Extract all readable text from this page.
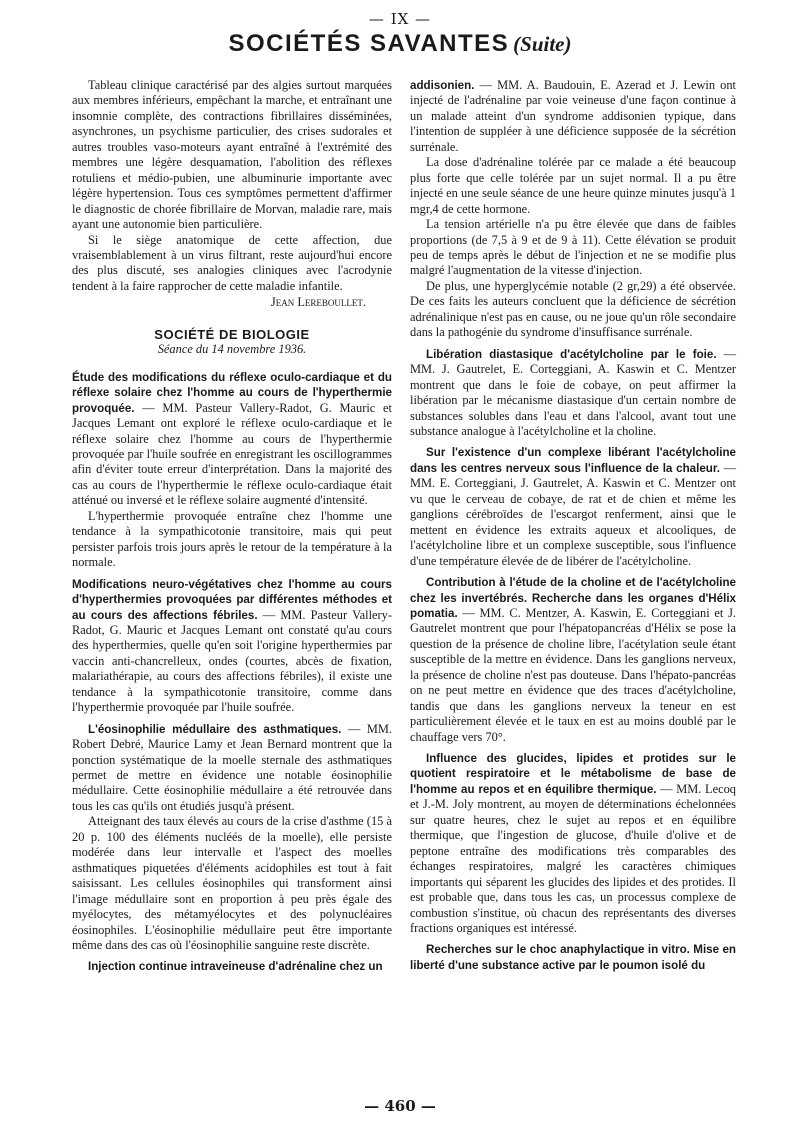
— IX —
SOCIÉTÉS SAVANTES (Suite)

Tableau clinique caractérisé par des algies surtout marquées aux membres inférieurs, empêchant la marche, et entraînant une insomnie complète, des contractions fibrillaires disséminées, asynchrones, un psychisme particulier, des crises sudorales et autres troubles vaso-moteurs ayant entraîné à l'extrémité des membres une légère desquamation, l'abolition des réflexes rotuliens et médio-pubien, une albuminurie importante avec légère hypertension. Tous ces symptômes permettent d'affirmer le diagnostic de chorée fibrillaire de Morvan, maladie rare, mais ayant une autonomie bien particulière.

Si le siège anatomique de cette affection, due vraisemblablement à un virus filtrant, reste aujourd'hui encore des plus discuté, ses analogies cliniques avec l'acrodynie tendent à la faire rapprocher de cette maladie infantile.

Jean Lereboullet.
SOCIÉTÉ DE BIOLOGIE
Séance du 14 novembre 1936.

Étude des modifications du réflexe oculo-cardiaque et du réflexe solaire chez l'homme au cours de l'hyperthermie provoquée. — MM. Pasteur Vallery-Radot, G. Mauric et Jacques Lemant ont exploré le réflexe oculo-cardiaque et le réflexe solaire chez l'homme au cours de l'hyperthermie provoquée par l'huile soufrée en enregistrant les oscillogrammes afin d'éviter toute erreur d'interprétation. Dans la majorité des cas au cours de l'hyperthermie le réflexe oculo-cardiaque était atténué ou inversé et le réflexe solaire augmenté d'intensité.

L'hyperthermie provoquée entraîne chez l'homme une tendance à la sympathicotonie transitoire, mais qui peut persister parfois trois jours après le retour de la température à la normale.

Modifications neuro-végétatives chez l'homme au cours d'hyperthermies provoquées par différentes méthodes et au cours des affections fébriles. — MM. Pasteur Vallery-Radot, G. Mauric et Jacques Lemant ont constaté qu'au cours des hyperthermies, quelle qu'en soit l'origine hyperthermies par vaccin anti-chancrelleux, ondes (courtes, abcès de fixation, malariathérapie, au cours des affections fébriles), il existe une tendance à la sympathicotonie transitoire, comme dans l'hyperthermie provoquée par l'huile soufrée.

L'éosinophilie médullaire des asthmatiques. — MM. Robert Debré, Maurice Lamy et Jean Bernard montrent que la ponction systématique de la moelle sternale des asthmatiques permet de mettre en évidence une notable éosinophilie médullaire. Cette éosinophilie médullaire a été retrouvée dans tous les cas qu'ils ont étudiés jusqu'à présent.

Atteignant des taux élevés au cours de la crise d'asthme (15 à 20 p. 100 des éléments nucléés de la moelle), elle persiste modérée dans leur intervalle et l'aspect des moelles asthmatiques piquetées d'éléments acidophiles est tout à fait saisissant. Les cellules éosinophiles qui transforment ainsi l'image médullaire sont en proportion à peu près égale des myélocytes, des métamyélocytes et des polynucléaires éosinophiles. L'éosinophilie médullaire peut être importante même dans des cas où l'éosinophilie sanguine reste discrète.

Injection continue intraveineuse d'adrénaline chez un

addisonien. — MM. A. Baudouin, E. Azerad et J. Lewin ont injecté de l'adrénaline par voie veineuse d'une façon continue à un malade atteint d'un syndrome addisonien typique, dans l'intention de suppléer à une déficience supposée de la sécrétion surrénale.

La dose d'adrénaline tolérée par ce malade a été beaucoup plus forte que celle tolérée par un sujet normal. Il a pu être injecté en une seule séance de une heure quinze minutes jusqu'à 1 mgr,4 de cette hormone.

La tension artérielle n'a pu être élevée que dans de faibles proportions (de 7,5 à 9 et de 9 à 11). Cette élévation se produit peu de temps après le début de l'injection et ne se modifie plus malgré l'augmentation de la vitesse d'injection.

De plus, une hyperglycémie notable (2 gr,29) a été observée. De ces faits les auteurs concluent que la déficience de sécrétion adrénalinique n'est pas en cause, ou ne joue qu'un rôle secondaire dans la pathogénie du syndrome d'insuffisance surrénale.

Libération diastasique d'acétylcholine par le foie. — MM. J. Gautrelet, E. Corteggiani, A. Kaswin et C. Mentzer montrent que dans le foie de cobaye, on peut affirmer la libération par le mécanisme diastasique d'un certain nombre de substances solubles dans l'eau et dans l'alcool, avant tout une substance analogue à l'acétylcholine et la choline.

Sur l'existence d'un complexe libérant l'acétylcholine dans les centres nerveux sous l'influence de la chaleur. — MM. E. Corteggiani, J. Gautrelet, A. Kaswin et C. Mentzer ont vu que le cerveau de cobaye, de rat et de chien et même les ganglions cérébroïdes de l'escargot renferment, ainsi que le mettent en évidence les extraits aqueux et alcooliques, de l'acétylcholine libre et un complexe susceptible, sous l'influence d'une température élevée de de libérer de l'acétylcholine.

Contribution à l'étude de la choline et de l'acétylcholine chez les invertébrés. Recherche dans les organes d'Hélix pomatia. — MM. C. Mentzer, A. Kaswin, E. Corteggiani et J. Gautrelet montrent que pour l'hépatopancréas d'Hélix se pose la question de la présence de choline libre, l'acétylation seule étant susceptible de la mettre en évidence. Dans les ganglions nerveux, la présence de choline n'est pas douteuse. Dans l'hépato-pancréas on ne peut mettre en évidence que des traces d'acétylcholine, tandis que dans les ganglions nerveux la teneur en est particulièrement élevée et le taux en est au moins doublé par le chauffage vers 70°.

Influence des glucides, lipides et protides sur le quotient respiratoire et le métabolisme de base de l'homme au repos et en équilibre thermique. — MM. Lecoq et J.-M. Joly montrent, au moyen de déterminations échelonnées sur quatre heures, chez le sujet au repos et en équilibre thermique, que l'ingestion de glucose, d'huile d'olive et de peptone entraîne des modifications très comparables des échanges respiratoires, malgré les caractères chimiques importants qui séparent les glucides des lipides et des protides. Il est probable que, dans tous les cas, un processus complexe de combustion s'institue, où chacun des représentants des diverses fractions organiques est intéressé.

Recherches sur le choc anaphylactique in vitro. Mise en liberté d'une substance active par le poumon isolé du

— 460 —
